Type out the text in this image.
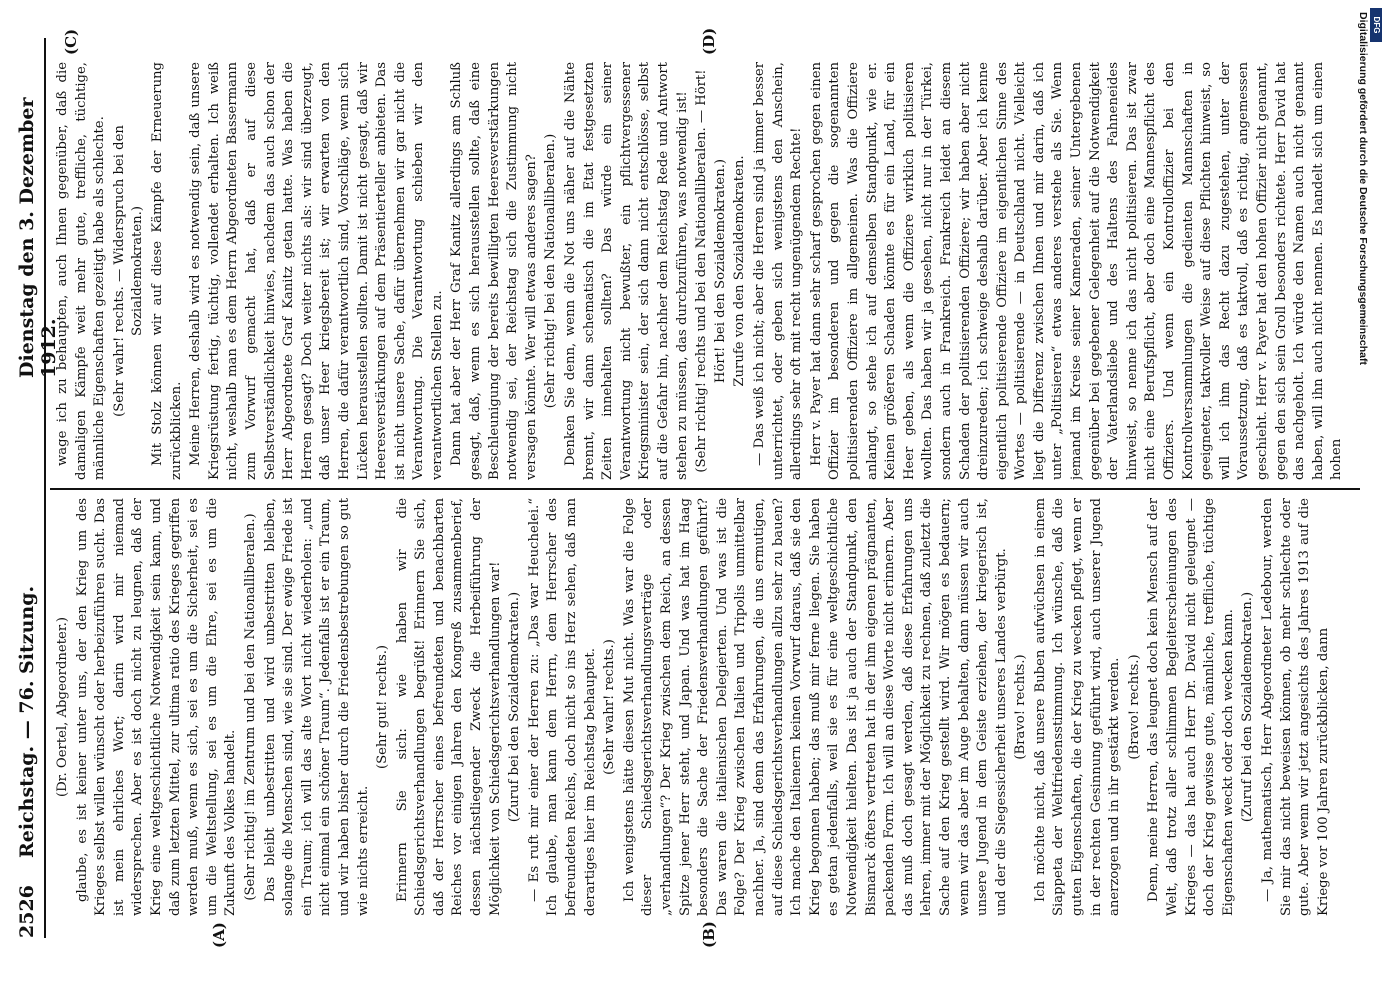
2526
Reichstag. — 76. Sitzung.
Dienstag den 3. Dezember 1912.
(A)	(B)
(C)	(D)

(Dr. Oertel, Abgeordneter.) glaube, es ist keiner unter uns, der den Krieg um des Krieges selbst willen wünscht oder herbeizuführen sucht. Das ist mein ehrliches Wort; darin wird mir niemand widersprechen. Aber es ist doch nicht zu leugnen, daß der Krieg eine weltgeschichtliche Notwendigkeit sein kann, und daß zum letzten Mittel, zur ultima ratio des Krieges gegriffen werden muß, wenn es sich, sei es um die Sicherheit, sei es um die Weltstellung, sei es um die Ehre, sei es um die Zukunft des Volkes handelt. (Sehr richtig! im Zentrum und bei den Nationalliberalen.) Das bleibt unbestritten und wird unbestritten bleiben, solange die Menschen sind, wie sie sind. Der ewige Friede ist ein Traum; ich will das alte Wort nicht wiederholen: „und nicht einmal ein schöner Traum“. Jedenfalls ist er ein Traum, und wir haben bisher durch die Friedensbestrebungen so gut wie nichts erreicht.

(Sehr gut! rechts.) Erinnern Sie sich: wie haben wir die Schiedsgerichtsverhandlungen begrüßt! Erinnern Sie sich, daß der Herrscher eines befreundeten und benachbarten Reiches vor einigen Jahren den Kongreß zusammenberief, dessen nächstliegender Zweck die Herbeiführung der Möglichkeit von Schiedsgerichtsverhandlungen war! (Zuruf bei den Sozialdemokraten.) — Es ruft mir einer der Herren zu: „Das war Heuchelei.“ Ich glaube, man kann dem Herrn, dem Herrscher des befreundeten Reichs, doch nicht so ins Herz sehen, daß man derartiges hier im Reichstag behauptet. (Sehr wahr! rechts.) Ich wenigstens hätte diesen Mut nicht. Was war die Folge dieser Schiedsgerichtsverhandlungsverträge oder „verhandlungen“? Der Krieg zwischen dem Reich, an dessen Spitze jener Herr steht, und Japan. Und was hat im Haag besonders die Sache der Friedensverhandlungen geführt? Das waren die italienischen Delegierten. Und was ist die Folge? Der Krieg zwischen Italien und Tripolis unmittelbar nachher. Ja, sind denn das Erfahrungen, die uns ermutigen, auf diese Schiedsgerichtsverhandlungen allzu sehr zu bauen? Ich mache den Italienern keinen Vorwurf daraus, daß sie den Krieg begonnen haben; das muß mir ferne liegen. Sie haben es getan jedenfalls, weil sie es für eine weltgeschichtliche Notwendigkeit hielten. Das ist ja auch der Standpunkt, den Bismarck öfters vertreten hat in der ihm eigenen prägnanten, packenden Form. Ich will an diese Worte nicht erinnern. Aber das muß doch gesagt werden, daß diese Erfahrungen uns lehren, immer mit der Möglichkeit zu rechnen, daß zuletzt die Sache auf den Krieg gestellt wird. Wir mögen es bedauern; wenn wir das aber im Auge behalten, dann müssen wir auch unsere Jugend in dem Geiste erziehen, der kriegerisch ist, und der die Siegessicherheit unseres Landes verbürgt. (Bravo! rechts.) Ich möchte nicht, daß unsere Buben aufwüchsen in einem Siappeta der Weltfriedensstimmung. Ich wünsche, daß die guten Eigenschaften, die der Krieg zu wecken pflegt, wenn er in der rechten Gesinnung geführt wird, auch unserer Jugend anerzogen und in ihr gestärkt werden. (Bravo! rechts.) Denn, meine Herren, das leugnet doch kein Mensch auf der Welt, daß trotz aller schlimmen Begleiterscheinungen des Krieges — das hat auch Herr Dr. David nicht geleugnet — doch der Krieg gewisse gute, männliche, treffliche, tüchtige Eigenschaften weckt oder doch wecken kann. (Zuruf bei den Sozialdemokraten.) — Ja, mathematisch, Herr Abgeordneter Ledebour, werden Sie mir das nicht beweisen können, ob mehr schlechte oder gute. Aber wenn wir jetzt angesichts des Jahres 1913 auf die Kriege vor 100 Jahren zurückblicken, dann

wage ich zu behaupten, auch Ihnen gegenüber, daß die damaligen Kämpfe weit mehr gute, treffliche, tüchtige, männliche Eigenschaften gezeitigt habe als schlechte. (Sehr wahr! rechts. — Widerspruch bei den Sozialdemokraten.) Mit Stolz können wir auf diese Kämpfe der Erneuerung zurückblicken. Meine Herren, deshalb wird es notwendig sein, daß unsere Kriegsrüstung fertig, tüchtig, vollendet erhalten. Ich weiß nicht, weshalb man es dem Herrn Abgeordneten Bassermann zum Vorwurf gemacht hat, daß er auf diese Selbstverständlichkeit hinwies, nachdem das auch schon der Herr Abgeordnete Graf Kanitz getan hatte. Was haben die Herren gesagt? Doch weiter nichts als: wir sind überzeugt, daß unser Heer kriegsbereit ist; wir erwarten von den Herren, die dafür verantwortlich sind, Vorschläge, wenn sich Lücken herausstellen sollten. Damit ist nicht gesagt, daß wir Heeresverstärkungen auf dem Präsentierteller anbieten. Das ist nicht unsere Sache, dafür übernehmen wir gar nicht die Verantwortung. Die Verantwortung schieben wir den verantwortlichen Stellen zu. Dann hat aber der Herr Graf Kanitz allerdings am Schluß gesagt, daß, wenn es sich herausstellen sollte, daß eine Beschleunigung der bereits bewilligten Heeresverstärkungen notwendig sei, der Reichstag sich die Zustimmung nicht versagen könnte. Wer will etwas anderes sagen? (Sehr richtig! bei den Nationalliberalen.) Denken Sie denn, wenn die Not uns näher auf die Nähte brennt, wir dann schematisch die im Etat festgesetzten Zeiten innehalten sollten? Das würde ein seiner Verantwortung nicht bewußter, ein pflichtvergessener Kriegsminister sein, der sich dann nicht entschlösse, selbst auf die Gefahr hin, nachher dem Reichstag Rede und Antwort stehen zu müssen, das durchzuführen, was notwendig ist! (Sehr richtig! rechts und bei den Nationalliberalen. — Hört! Hört! bei den Sozialdemokraten.) Zurufe von den Sozialdemokraten. — Das weiß ich nicht; aber die Herren sind ja immer besser unterrichtet, oder geben sich wenigstens den Anschein, allerdings sehr oft mit recht ungenügendem Rechte! Herr v. Payer hat dann sehr scharf gesprochen gegen einen Offizier im besonderen und gegen die sogenannten politisierenden Offiziere im allgemeinen. Was die Offiziere anlangt, so stehe ich auf demselben Standpunkt, wie er. Keinen größeren Schaden könnte es für ein Land, für ein Heer geben, als wenn die Offiziere wirklich politisieren wollten. Das haben wir ja gesehen, nicht nur in der Türkei, sondern auch in Frankreich. Frankreich leidet an diesem Schaden der politisierenden Offiziere; wir haben aber nicht dreinzureden; ich schweige deshalb darüber. Aber ich kenne eigentlich politisierende Offiziere im eigentlichen Sinne des Wortes — politisierende — in Deutschland nicht. Vielleicht liegt die Differenz zwischen Ihnen und mir darin, daß ich unter „Politisieren“ etwas anderes verstehe als Sie. Wenn jemand im Kreise seiner Kameraden, seiner Untergebenen gegenüber bei gegebener Gelegenheit auf die Notwendigkeit der Vaterlandsliebe und des Haltens des Fahneneides hinweist, so nenne ich das nicht politisieren. Das ist zwar nicht eine Berufspflicht, aber doch eine Mannespflicht des Offiziers. Und wenn ein Kontrolloffizier bei den Kontrollversammlungen die gedienten Mannschaften in geeigneter, taktvoller Weise auf diese Pflichten hinweist, so will ich ihm das Recht dazu zugestehen, unter der Voraussetzung, daß es taktvoll, daß es richtig, angemessen geschieht. Herr v. Payer hat den hohen Offizier nicht genannt, gegen den sich sein Groll besonders richtete. Herr David hat das nachgeholt. Ich würde den Namen auch nicht genannt haben, will ihn auch nicht nennen. Es handelt sich um einen hohen

Digitalisierung gefördert durch die Deutsche Forschungsgemeinschaft DFG
